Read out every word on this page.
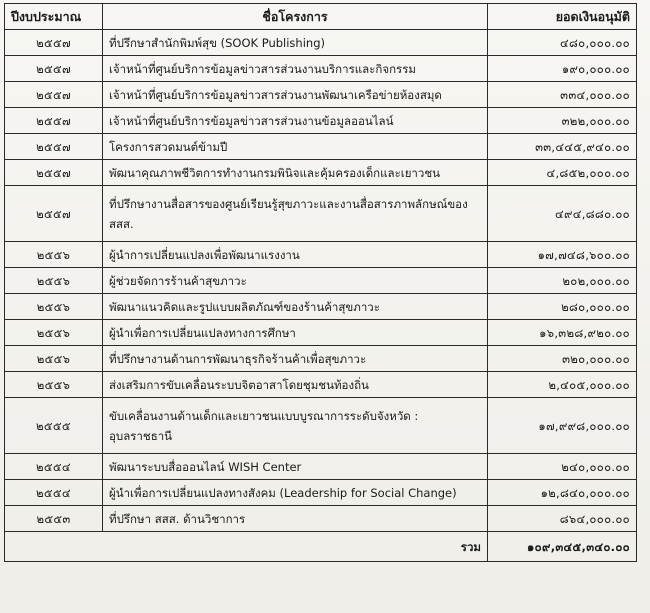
ปีงบประมาณ	ชื่อโครงการ	ยอดเงินอนุมัติ
๒๕๕๗	ที่ปรึกษาสำนักพิมพ์สุข (SOOK Publishing)	๔๘๐,๐๐๐.๐๐
๒๕๕๗	เจ้าหน้าที่ศูนย์บริการข้อมูลข่าวสารส่วนงานบริการและกิจกรรม	๑๙๐,๐๐๐.๐๐
๒๕๕๗	เจ้าหน้าที่ศูนย์บริการข้อมูลข่าวสารส่วนงานพัฒนาเครือข่ายห้องสมุด	๓๓๔,๐๐๐.๐๐
๒๕๕๗	เจ้าหน้าที่ศูนย์บริการข้อมูลข่าวสารส่วนงานข้อมูลออนไลน์	๓๒๒,๐๐๐.๐๐
๒๕๕๗	โครงการสวดมนต์ข้ามปี	๓๓,๔๔๕,๙๔๐.๐๐
๒๕๕๗	พัฒนาคุณภาพชีวิตการทำงานกรมพินิจและคุ้มครองเด็กและเยาวชน	๔,๘๕๒,๐๐๐.๐๐
๒๕๕๗	ที่ปรึกษางานสื่อสารของศูนย์เรียนรู้สุขภาวะและงานสื่อสารภาพลักษณ์ของสสส.	๔๙๔,๘๘๐.๐๐
๒๕๕๖	ผู้นำการเปลี่ยนแปลงเพื่อพัฒนาแรงงาน	๑๗,๗๔๘,๖๐๐.๐๐
๒๕๕๖	ผู้ช่วยจัดการร้านค้าสุขภาวะ	๒๐๒,๐๐๐.๐๐
๒๕๕๖	พัฒนาแนวคิดและรูปแบบผลิตภัณฑ์ของร้านค้าสุขภาวะ	๒๘๐,๐๐๐.๐๐
๒๕๕๖	ผู้นำเพื่อการเปลี่ยนแปลงทางการศึกษา	๑๖,๓๒๘,๙๒๐.๐๐
๒๕๕๖	ที่ปรึกษางานด้านการพัฒนาธุรกิจร้านค้าเพื่อสุขภาวะ	๓๒๐,๐๐๐.๐๐
๒๕๕๖	ส่งเสริมการขับเคลื่อนระบบจิตอาสาโดยชุมชนท้องถิ่น	๒,๔๐๕,๐๐๐.๐๐
๒๕๕๕	ขับเคลื่อนงานด้านเด็กและเยาวชนแบบบูรณาการระดับจังหวัด : อุบลราชธานี	๑๗,๙๙๘,๐๐๐.๐๐
๒๕๕๔	พัฒนาระบบสื่อออนไลน์ WISH Center	๒๔๐,๐๐๐.๐๐
๒๕๕๔	ผู้นำเพื่อการเปลี่ยนแปลงทางสังคม (Leadership for Social Change)	๑๒,๘๔๐,๐๐๐.๐๐
๒๕๕๓	ที่ปรึกษา สสส. ด้านวิชาการ	๘๖๔,๐๐๐.๐๐
รวม		๑๐๙,๓๔๕,๓๔๐.๐๐
